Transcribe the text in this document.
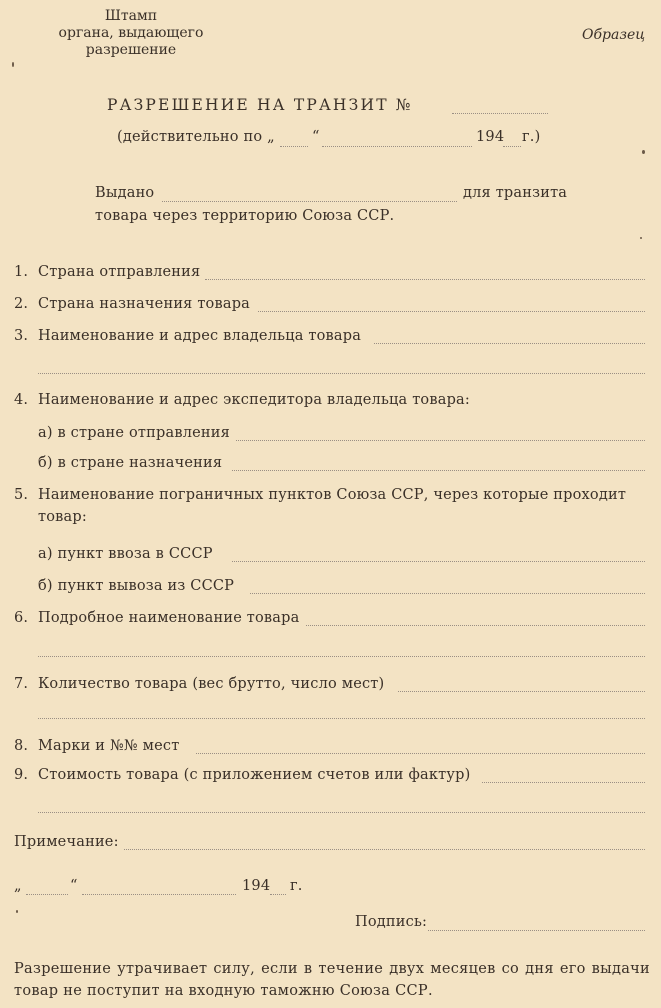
Штамп
органа, выдающего
разрешение
Образец
РАЗРЕШЕНИЕ НА ТРАНЗИТ №
(действительно по „	“	194 г.)
Выдано	для транзита
товара через территорию Союза ССР.
1. Страна отправления
2. Страна назначения товара
3. Наименование и адрес владельца товара
4. Наименование и адрес экспедитора владельца товара:
а) в стране отправления
б) в стране назначения
5. Наименование пограничных пунктов Союза ССР, через которые проходит
товар:
а) пункт ввоза в СССР
б) пункт вывоза из СССР
6. Подробное наименование товара
7. Количество товара (вес брутто, число мест)
8. Марки и №№ мест
9. Стоимость товара (с приложением счетов или фактур)
Примечание:
„	“	194 г.
Подпись:
Разрешение утрачивает силу, если в течение двух месяцев со дня его выдачи товар не поступит на входную таможню Союза ССР.
